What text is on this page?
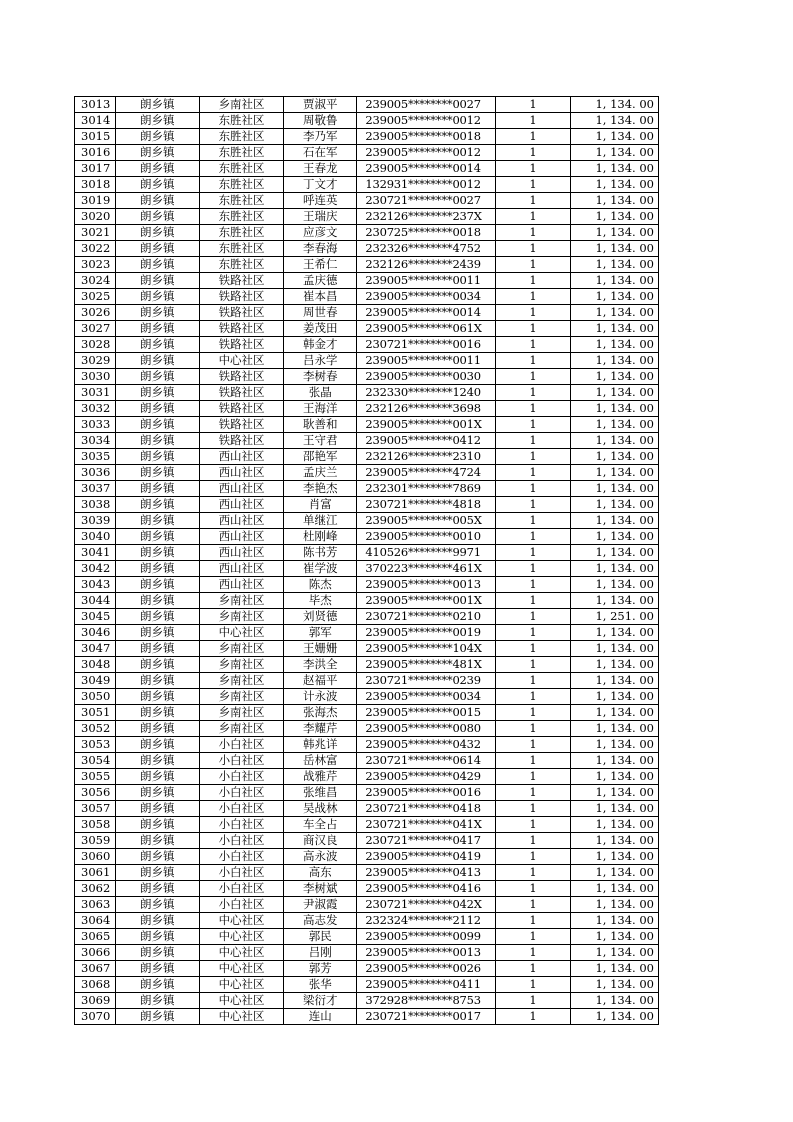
3013	朗乡镇	乡南社区	贾淑平	239005********0027	1	1, 134. 00
3014	朗乡镇	东胜社区	周敬鲁	239005********0012	1	1, 134. 00
3015	朗乡镇	东胜社区	李乃军	239005********0018	1	1, 134. 00
3016	朗乡镇	东胜社区	石在军	239005********0012	1	1, 134. 00
3017	朗乡镇	东胜社区	王春龙	239005********0014	1	1, 134. 00
3018	朗乡镇	东胜社区	丁文才	132931********0012	1	1, 134. 00
3019	朗乡镇	东胜社区	呼连英	230721********0027	1	1, 134. 00
3020	朗乡镇	东胜社区	王瑞庆	232126********237X	1	1, 134. 00
3021	朗乡镇	东胜社区	应彦文	230725********0018	1	1, 134. 00
3022	朗乡镇	东胜社区	李春海	232326********4752	1	1, 134. 00
3023	朗乡镇	东胜社区	王希仁	232126********2439	1	1, 134. 00
3024	朗乡镇	铁路社区	孟庆德	239005********0011	1	1, 134. 00
3025	朗乡镇	铁路社区	崔本昌	239005********0034	1	1, 134. 00
3026	朗乡镇	铁路社区	周世春	239005********0014	1	1, 134. 00
3027	朗乡镇	铁路社区	姜茂田	239005********061X	1	1, 134. 00
3028	朗乡镇	铁路社区	韩金才	230721********0016	1	1, 134. 00
3029	朗乡镇	中心社区	吕永学	239005********0011	1	1, 134. 00
3030	朗乡镇	铁路社区	李树春	239005********0030	1	1, 134. 00
3031	朗乡镇	铁路社区	张晶	232330********1240	1	1, 134. 00
3032	朗乡镇	铁路社区	王海洋	232126********3698	1	1, 134. 00
3033	朗乡镇	铁路社区	耿善和	239005********001X	1	1, 134. 00
3034	朗乡镇	铁路社区	王守君	239005********0412	1	1, 134. 00
3035	朗乡镇	西山社区	邵艳军	232126********2310	1	1, 134. 00
3036	朗乡镇	西山社区	孟庆兰	239005********4724	1	1, 134. 00
3037	朗乡镇	西山社区	李艳杰	232301********7869	1	1, 134. 00
3038	朗乡镇	西山社区	肖富	230721********4818	1	1, 134. 00
3039	朗乡镇	西山社区	单继江	239005********005X	1	1, 134. 00
3040	朗乡镇	西山社区	杜刚峰	239005********0010	1	1, 134. 00
3041	朗乡镇	西山社区	陈书芳	410526********9971	1	1, 134. 00
3042	朗乡镇	西山社区	崔学波	370223********461X	1	1, 134. 00
3043	朗乡镇	西山社区	陈杰	239005********0013	1	1, 134. 00
3044	朗乡镇	乡南社区	毕杰	239005********001X	1	1, 134. 00
3045	朗乡镇	乡南社区	刘贤德	230721********0210	1	1, 251. 00
3046	朗乡镇	中心社区	郭军	239005********0019	1	1, 134. 00
3047	朗乡镇	乡南社区	王姗姗	239005********104X	1	1, 134. 00
3048	朗乡镇	乡南社区	李洪全	239005********481X	1	1, 134. 00
3049	朗乡镇	乡南社区	赵福平	230721********0239	1	1, 134. 00
3050	朗乡镇	乡南社区	计永波	239005********0034	1	1, 134. 00
3051	朗乡镇	乡南社区	张海杰	239005********0015	1	1, 134. 00
3052	朗乡镇	乡南社区	李耀芹	239005********0080	1	1, 134. 00
3053	朗乡镇	小白社区	韩兆详	239005********0432	1	1, 134. 00
3054	朗乡镇	小白社区	岳林富	230721********0614	1	1, 134. 00
3055	朗乡镇	小白社区	战雅芹	239005********0429	1	1, 134. 00
3056	朗乡镇	小白社区	张维昌	239005********0016	1	1, 134. 00
3057	朗乡镇	小白社区	吴战林	230721********0418	1	1, 134. 00
3058	朗乡镇	小白社区	车全占	230721********041X	1	1, 134. 00
3059	朗乡镇	小白社区	商汉良	230721********0417	1	1, 134. 00
3060	朗乡镇	小白社区	高永波	239005********0419	1	1, 134. 00
3061	朗乡镇	小白社区	高东	239005********0413	1	1, 134. 00
3062	朗乡镇	小白社区	李树斌	239005********0416	1	1, 134. 00
3063	朗乡镇	小白社区	尹淑霞	230721********042X	1	1, 134. 00
3064	朗乡镇	中心社区	高志发	232324********2112	1	1, 134. 00
3065	朗乡镇	中心社区	郭民	239005********0099	1	1, 134. 00
3066	朗乡镇	中心社区	吕刚	239005********0013	1	1, 134. 00
3067	朗乡镇	中心社区	郭芳	239005********0026	1	1, 134. 00
3068	朗乡镇	中心社区	张华	239005********0411	1	1, 134. 00
3069	朗乡镇	中心社区	梁衍才	372928********8753	1	1, 134. 00
3070	朗乡镇	中心社区	连山	230721********0017	1	1, 134. 00
